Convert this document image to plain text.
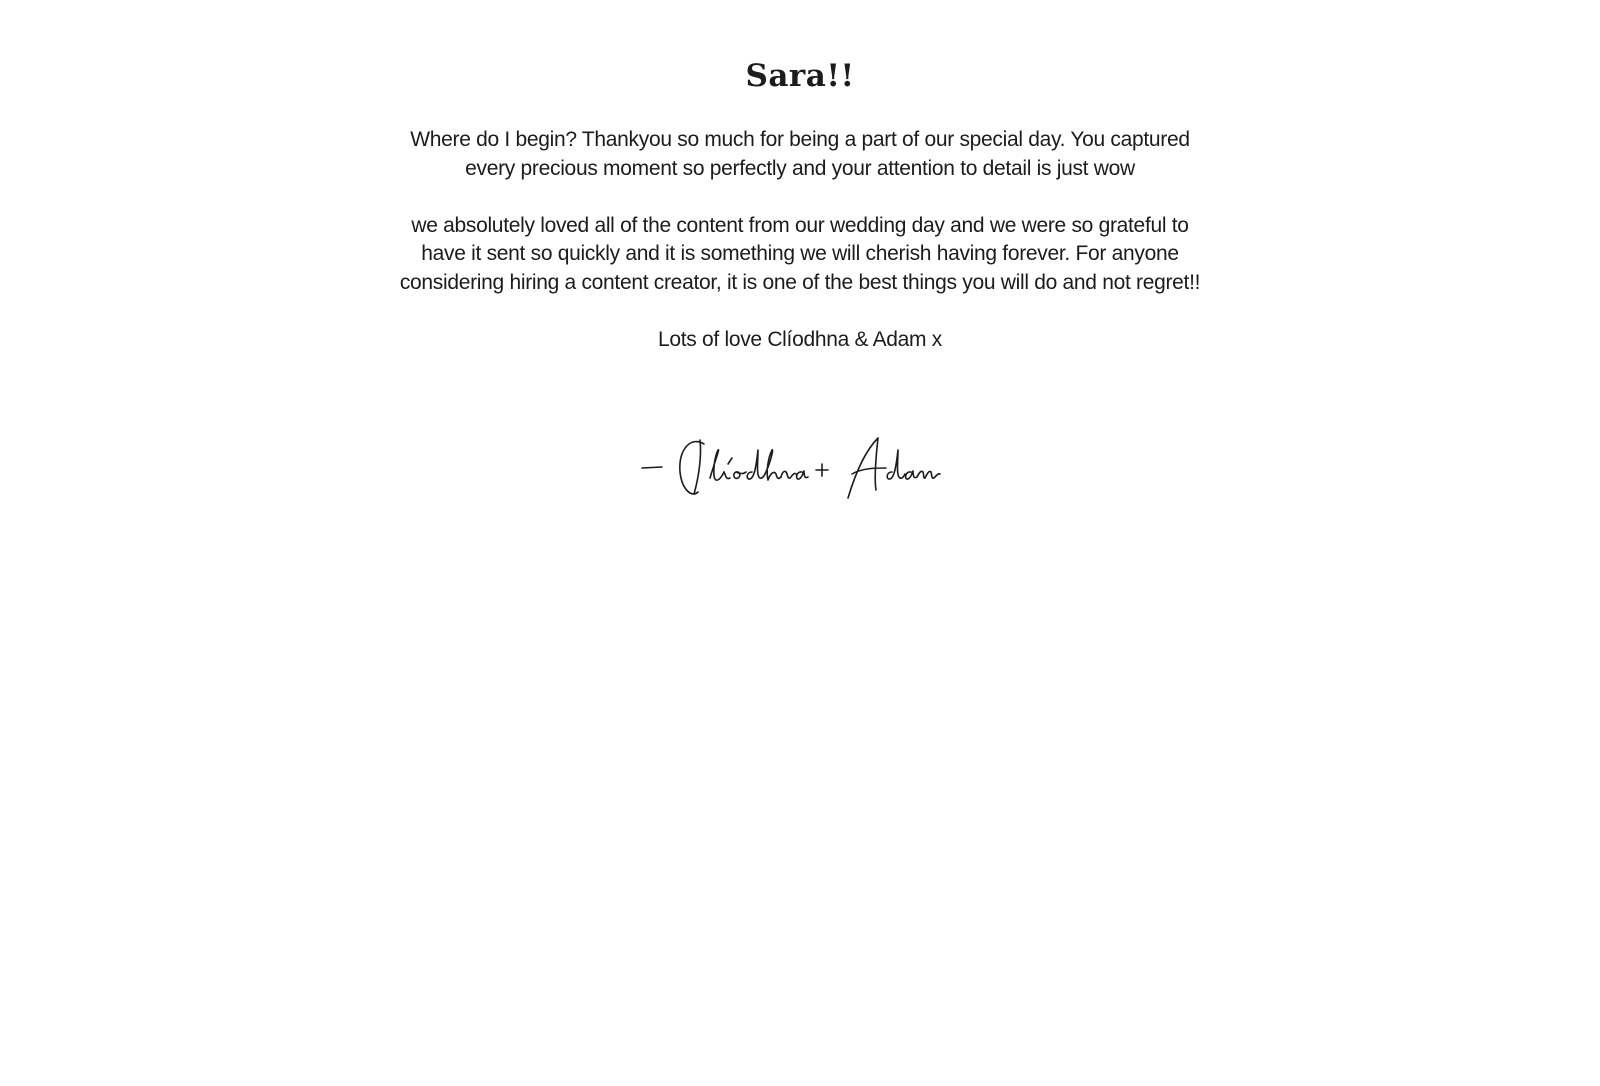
Sara!!

Where do I begin? Thankyou so much for being a part of our special day. You captured every precious moment so perfectly and your attention to detail is just wow

we absolutely loved all of the content from our wedding day and we were so grateful to have it sent so quickly and it is something we will cherish having forever. For anyone considering hiring a content creator, it is one of the best things you will do and not regret!!

Lots of love Clíodhna & Adam x
